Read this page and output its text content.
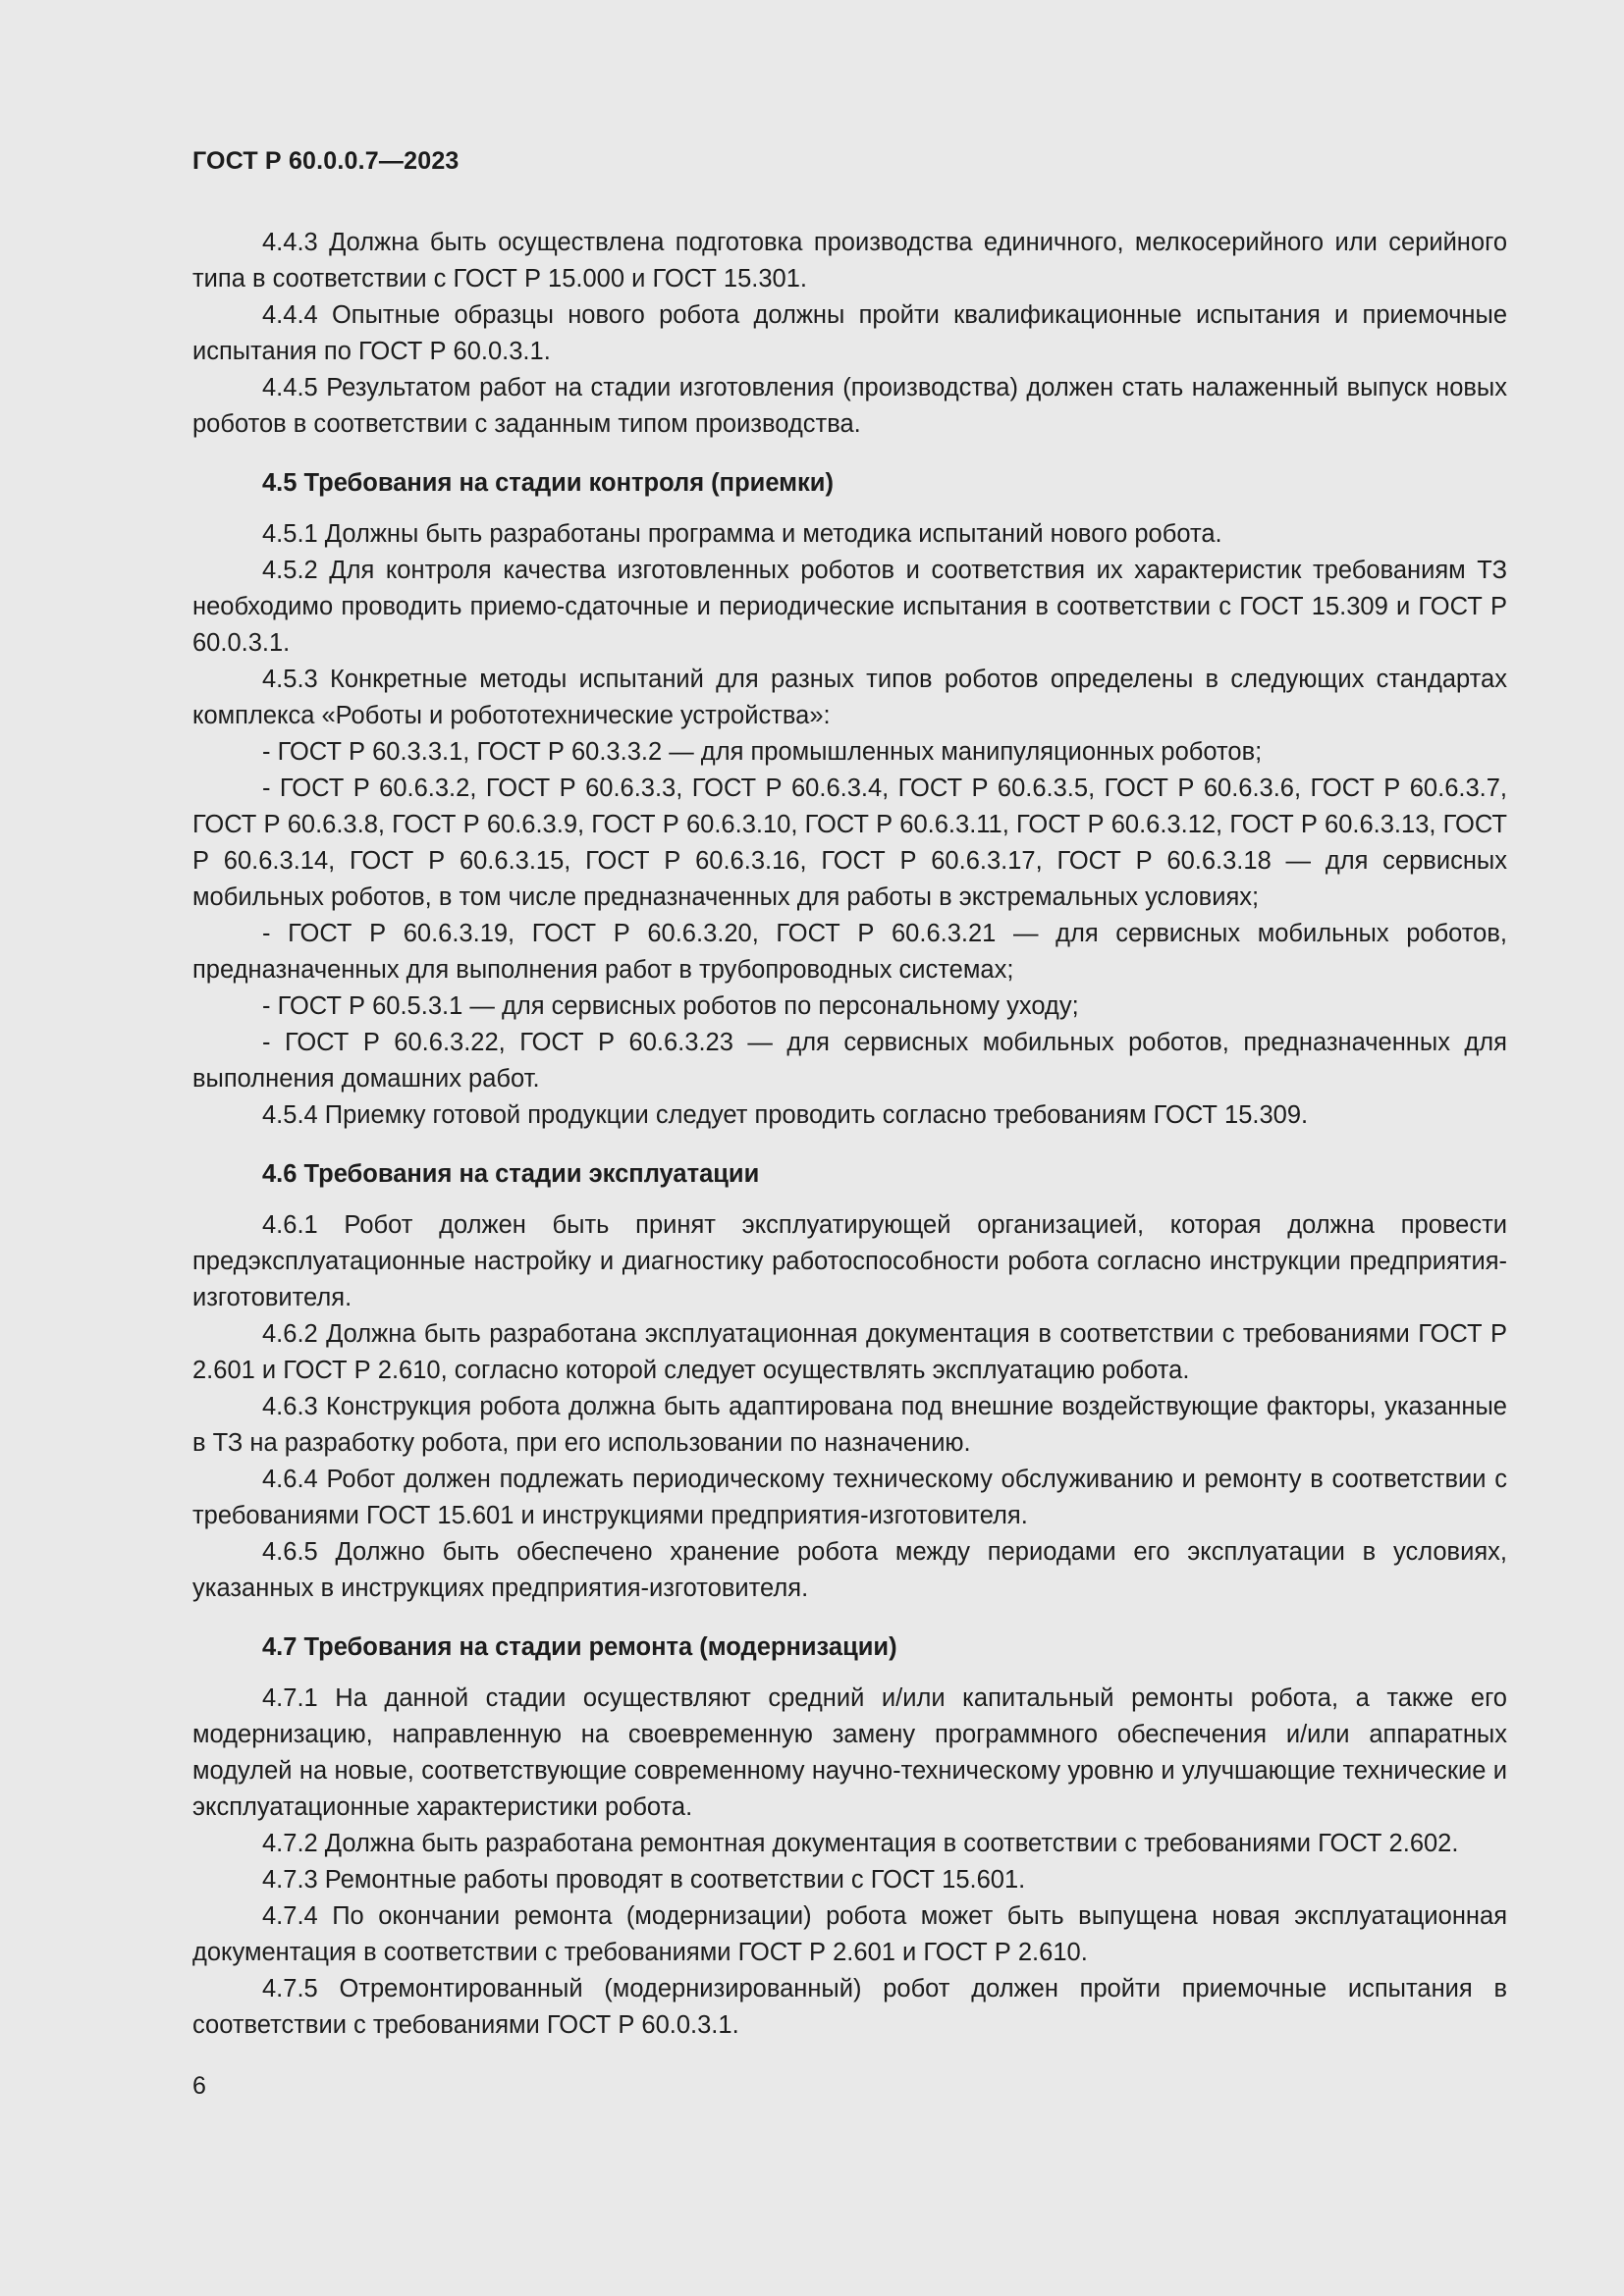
ГОСТ Р 60.0.0.7—2023

4.4.3 Должна быть осуществлена подготовка производства единичного, мелкосерийного или серийного типа в соответствии с ГОСТ Р 15.000 и ГОСТ 15.301.

4.4.4 Опытные образцы нового робота должны пройти квалификационные испытания и приемочные испытания по ГОСТ Р 60.0.3.1.

4.4.5 Результатом работ на стадии изготовления (производства) должен стать налаженный выпуск новых роботов в соответствии с заданным типом производства.

4.5 Требования на стадии контроля (приемки)

4.5.1 Должны быть разработаны программа и методика испытаний нового робота.

4.5.2 Для контроля качества изготовленных роботов и соответствия их характеристик требованиям ТЗ необходимо проводить приемо-сдаточные и периодические испытания в соответствии с ГОСТ 15.309 и ГОСТ Р 60.0.3.1.

4.5.3 Конкретные методы испытаний для разных типов роботов определены в следующих стандартах комплекса «Роботы и робототехнические устройства»:

- ГОСТ Р 60.3.3.1, ГОСТ Р 60.3.3.2 — для промышленных манипуляционных роботов;

- ГОСТ Р 60.6.3.2, ГОСТ Р 60.6.3.3, ГОСТ Р 60.6.3.4, ГОСТ Р 60.6.3.5, ГОСТ Р 60.6.3.6, ГОСТ Р 60.6.3.7, ГОСТ Р 60.6.3.8, ГОСТ Р 60.6.3.9, ГОСТ Р 60.6.3.10, ГОСТ Р 60.6.3.11, ГОСТ Р 60.6.3.12, ГОСТ Р 60.6.3.13, ГОСТ Р 60.6.3.14, ГОСТ Р 60.6.3.15, ГОСТ Р 60.6.3.16, ГОСТ Р 60.6.3.17, ГОСТ Р 60.6.3.18 — для сервисных мобильных роботов, в том числе предназначенных для работы в экстремальных условиях;

- ГОСТ Р 60.6.3.19, ГОСТ Р 60.6.3.20, ГОСТ Р 60.6.3.21 — для сервисных мобильных роботов, предназначенных для выполнения работ в трубопроводных системах;

- ГОСТ Р 60.5.3.1 — для сервисных роботов по персональному уходу;

- ГОСТ Р 60.6.3.22, ГОСТ Р 60.6.3.23 — для сервисных мобильных роботов, предназначенных для выполнения домашних работ.

4.5.4 Приемку готовой продукции следует проводить согласно требованиям ГОСТ 15.309.

4.6 Требования на стадии эксплуатации

4.6.1 Робот должен быть принят эксплуатирующей организацией, которая должна провести предэксплуатационные настройку и диагностику работоспособности робота согласно инструкции предприятия-изготовителя.

4.6.2 Должна быть разработана эксплуатационная документация в соответствии с требованиями ГОСТ Р 2.601 и ГОСТ Р 2.610, согласно которой следует осуществлять эксплуатацию робота.

4.6.3 Конструкция робота должна быть адаптирована под внешние воздействующие факторы, указанные в ТЗ на разработку робота, при его использовании по назначению.

4.6.4 Робот должен подлежать периодическому техническому обслуживанию и ремонту в соответствии с требованиями ГОСТ 15.601 и инструкциями предприятия-изготовителя.

4.6.5 Должно быть обеспечено хранение робота между периодами его эксплуатации в условиях, указанных в инструкциях предприятия-изготовителя.

4.7 Требования на стадии ремонта (модернизации)

4.7.1 На данной стадии осуществляют средний и/или капитальный ремонты робота, а также его модернизацию, направленную на своевременную замену программного обеспечения и/или аппаратных модулей на новые, соответствующие современному научно-техническому уровню и улучшающие технические и эксплуатационные характеристики робота.

4.7.2 Должна быть разработана ремонтная документация в соответствии с требованиями ГОСТ 2.602.

4.7.3 Ремонтные работы проводят в соответствии с ГОСТ 15.601.

4.7.4 По окончании ремонта (модернизации) робота может быть выпущена новая эксплуатационная документация в соответствии с требованиями ГОСТ Р 2.601 и ГОСТ Р 2.610.

4.7.5 Отремонтированный (модернизированный) робот должен пройти приемочные испытания в соответствии с требованиями ГОСТ Р 60.0.3.1.

6
